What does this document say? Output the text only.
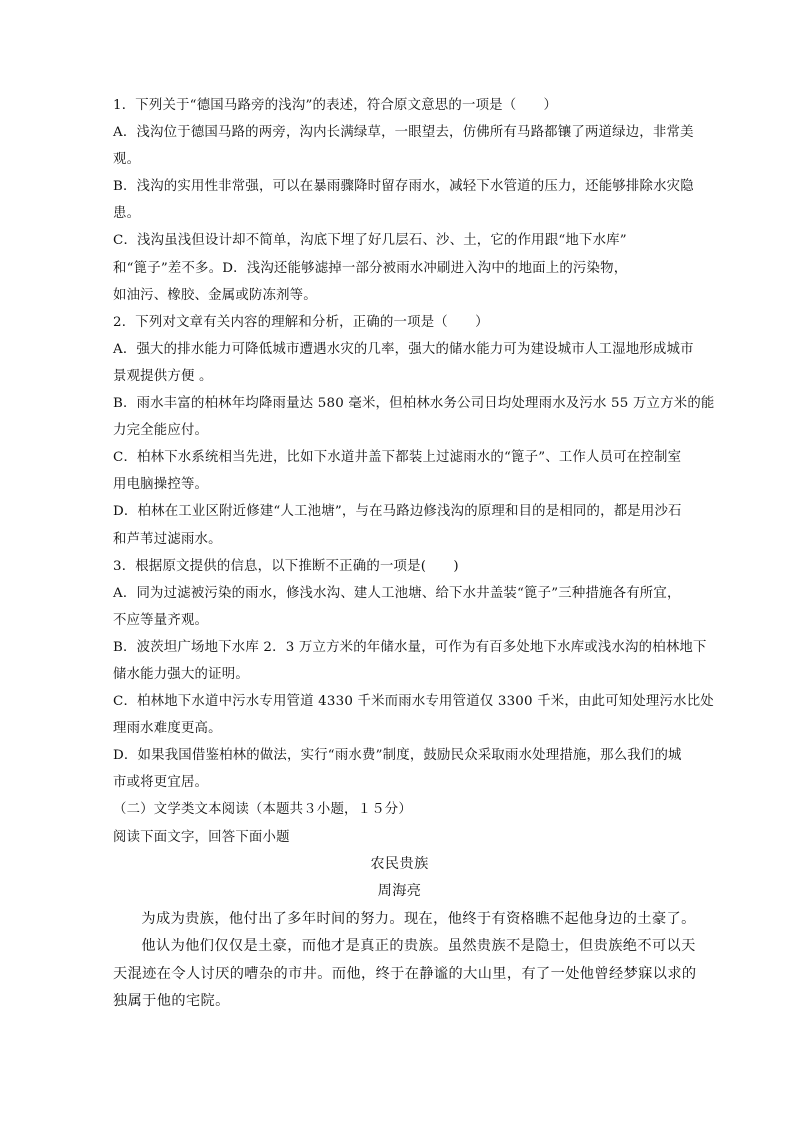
1．下列关于“德国马路旁的浅沟”的表述，符合原文意思的一项是（　　）
A．浅沟位于德国马路的两旁，沟内长满绿草，一眼望去，仿佛所有马路都镶了两道绿边，非常美
观。
B．浅沟的实用性非常强，可以在暴雨骤降时留存雨水，减轻下水管道的压力，还能够排除水灾隐
患。
C．浅沟虽浅但设计却不简单，沟底下埋了好几层石、沙、土，它的作用跟“地下水库”
和“篦子”差不多。D．浅沟还能够滤掉一部分被雨水冲刷进入沟中的地面上的污染物，
如油污、橡胶、金属或防冻剂等。
2．下列对文章有关内容的理解和分析，正确的一项是（　　）
A．强大的排水能力可降低城市遭遇水灾的几率，强大的储水能力可为建设城市人工湿地形成城市
景观提供方便 。
B．雨水丰富的柏林年均降雨量达 580 毫米，但柏林水务公司日均处理雨水及污水 55 万立方米的能
力完全能应付。
C．柏林下水系统相当先进，比如下水道井盖下都装上过滤雨水的“篦子”、工作人员可在控制室
用电脑操控等。
D．柏林在工业区附近修建“人工池塘”，与在马路边修浅沟的原理和目的是相同的，都是用沙石
和芦苇过滤雨水。
3．根据原文提供的信息，以下推断不正确的一项是(　　)
A．同为过滤被污染的雨水，修浅水沟、建人工池塘、给下水井盖装“篦子”三种措施各有所宜，
不应等量齐观。
B．波茨坦广场地下水库 2．3 万立方米的年储水量，可作为有百多处地下水库或浅水沟的柏林地下
储水能力强大的证明。
C．柏林地下水道中污水专用管道 4330 千米而雨水专用管道仅 3300 千米，由此可知处理污水比处
理雨水难度更高。
D．如果我国借鉴柏林的做法，实行“雨水费”制度，鼓励民众采取雨水处理措施，那么我们的城
市或将更宜居。
（二）文学类文本阅读（本题共３小题，１５分）
阅读下面文字，回答下面小题
农民贵族
周海亮
为成为贵族，他付出了多年时间的努力。现在，他终于有资格瞧不起他身边的土豪了。
他认为他们仅仅是土豪，而他才是真正的贵族。虽然贵族不是隐士，但贵族绝不可以天
天混迹在令人讨厌的嘈杂的市井。而他，终于在静谧的大山里，有了一处他曾经梦寐以求的
独属于他的宅院。
